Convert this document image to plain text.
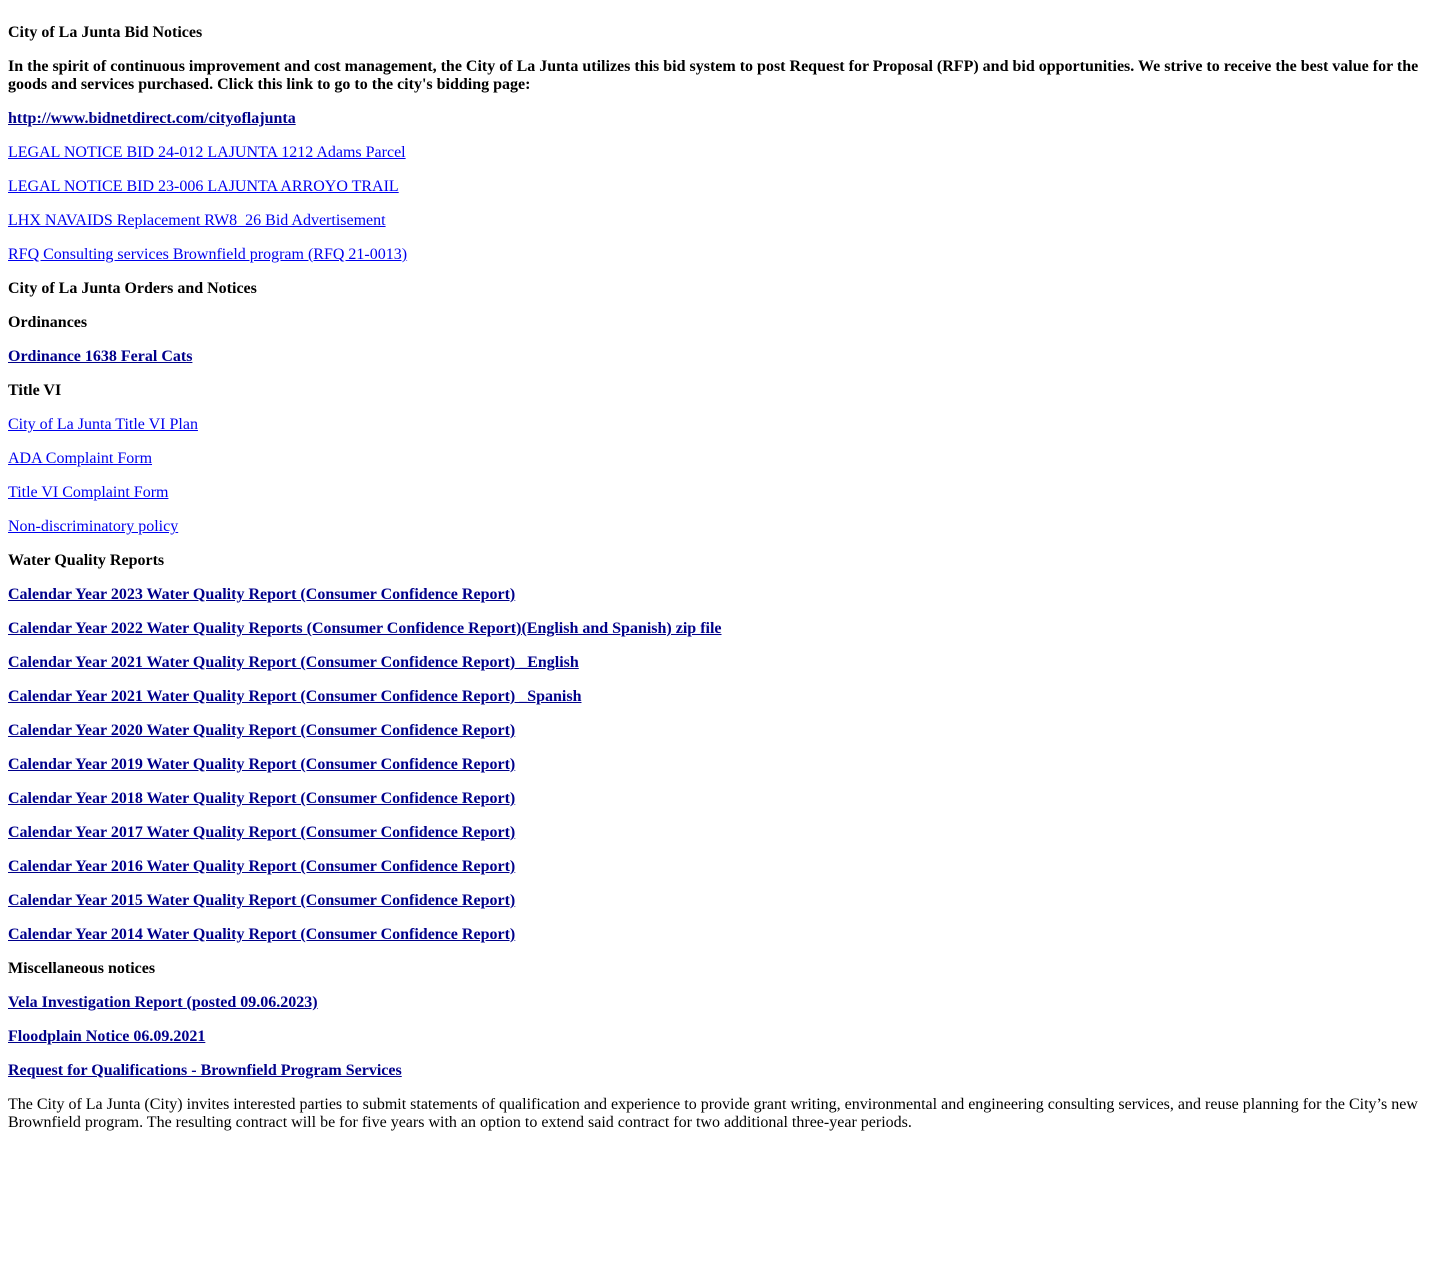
City of La Junta Bid Notices

In the spirit of continuous improvement and cost management, the City of La Junta utilizes this bid system to post Request for Proposal (RFP) and bid opportunities. We strive to receive the best value for the goods and services purchased. Click this link to go to the city's bidding page:

http://www.bidnetdirect.com/cityoflajunta

LEGAL NOTICE BID 24-012 LAJUNTA 1212 Adams Parcel

LEGAL NOTICE BID 23-006 LAJUNTA ARROYO TRAIL

LHX NAVAIDS Replacement RW8_26 Bid Advertisement

RFQ Consulting services Brownfield program (RFQ 21-0013)

City of La Junta Orders and Notices

Ordinances

Ordinance 1638 Feral Cats

Title VI

City of La Junta Title VI Plan

ADA Complaint Form

Title VI Complaint Form

Non-discriminatory policy

Water Quality Reports

Calendar Year 2023 Water Quality Report (Consumer Confidence Report)

Calendar Year 2022 Water Quality Reports (Consumer Confidence Report)(English and Spanish) zip file

Calendar Year 2021 Water Quality Report (Consumer Confidence Report) _English

Calendar Year 2021 Water Quality Report (Consumer Confidence Report) _Spanish

Calendar Year 2020 Water Quality Report (Consumer Confidence Report)

Calendar Year 2019 Water Quality Report (Consumer Confidence Report)

Calendar Year 2018 Water Quality Report (Consumer Confidence Report)

Calendar Year 2017 Water Quality Report (Consumer Confidence Report)

Calendar Year 2016 Water Quality Report (Consumer Confidence Report)

Calendar Year 2015 Water Quality Report (Consumer Confidence Report)

Calendar Year 2014 Water Quality Report (Consumer Confidence Report)

Miscellaneous notices

Vela Investigation Report (posted 09.06.2023)

Floodplain Notice 06.09.2021

Request for Qualifications - Brownfield Program Services

The City of La Junta (City) invites interested parties to submit statements of qualification and experience to provide grant writing, environmental and engineering consulting services, and reuse planning for the City’s new Brownfield program. The resulting contract will be for five years with an option to extend said contract for two additional three-year periods.
